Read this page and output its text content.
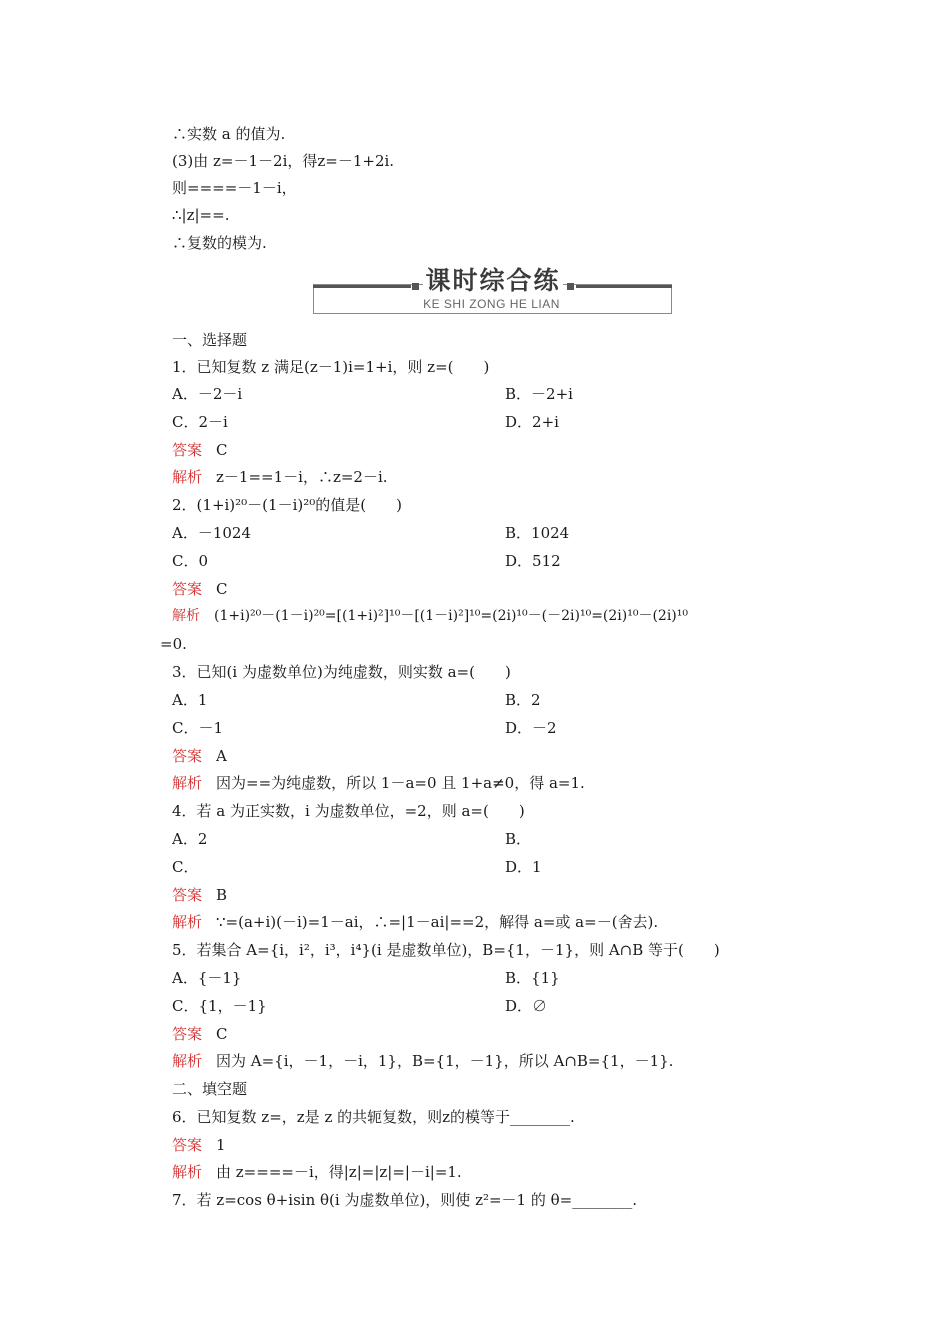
∴实数 a 的值为.
(3)由 z=－1－2i，得z=－1+2i.
则====－1－i，
∴|z|==.
∴复数的模为.
课时综合练
KE SHI ZONG HE LIAN
一、选择题
1．已知复数 z 满足(z－1)i=1+i，则 z=(　　)
A．－2－i	B．－2+i
C．2－i	D．2+i
答案 C
解析 z－1==1－i，∴z=2－i.
2．(1+i)²⁰－(1－i)²⁰的值是(　　)
A．－1024	B．1024
C．0	D．512
答案 C
解析 (1+i)²⁰－(1－i)²⁰=[(1+i)²]¹⁰－[(1－i)²]¹⁰=(2i)¹⁰－(－2i)¹⁰=(2i)¹⁰－(2i)¹⁰
=0.
3．已知(i 为虚数单位)为纯虚数，则实数 a=(　　)
A．1	B．2
C．－1	D．－2
答案 A
解析 因为==为纯虚数，所以 1－a=0 且 1+a≠0，得 a=1.
4．若 a 为正实数，i 为虚数单位，=2，则 a=(　　)
A．2	B．
C．	D．1
答案 B
解析 ∵=(a+i)(－i)=1－ai，∴=|1－ai|==2，解得 a=或 a=－(舍去).
5．若集合 A={i，i²，i³，i⁴}(i 是虚数单位)，B={1，－1}，则 A∩B 等于(　　)
A．{－1}	B．{1}
C．{1，－1}	D．∅
答案 C
解析 因为 A={i，－1，－i，1}，B={1，－1}，所以 A∩B={1，－1}.
二、填空题
6．已知复数 z=，z是 z 的共轭复数，则z的模等于________.
答案 1
解析 由 z====－i，得|z|=|z|=|－i|=1.
7．若 z=cos θ+isin θ(i 为虚数单位)，则使 z²=－1 的 θ=________.
